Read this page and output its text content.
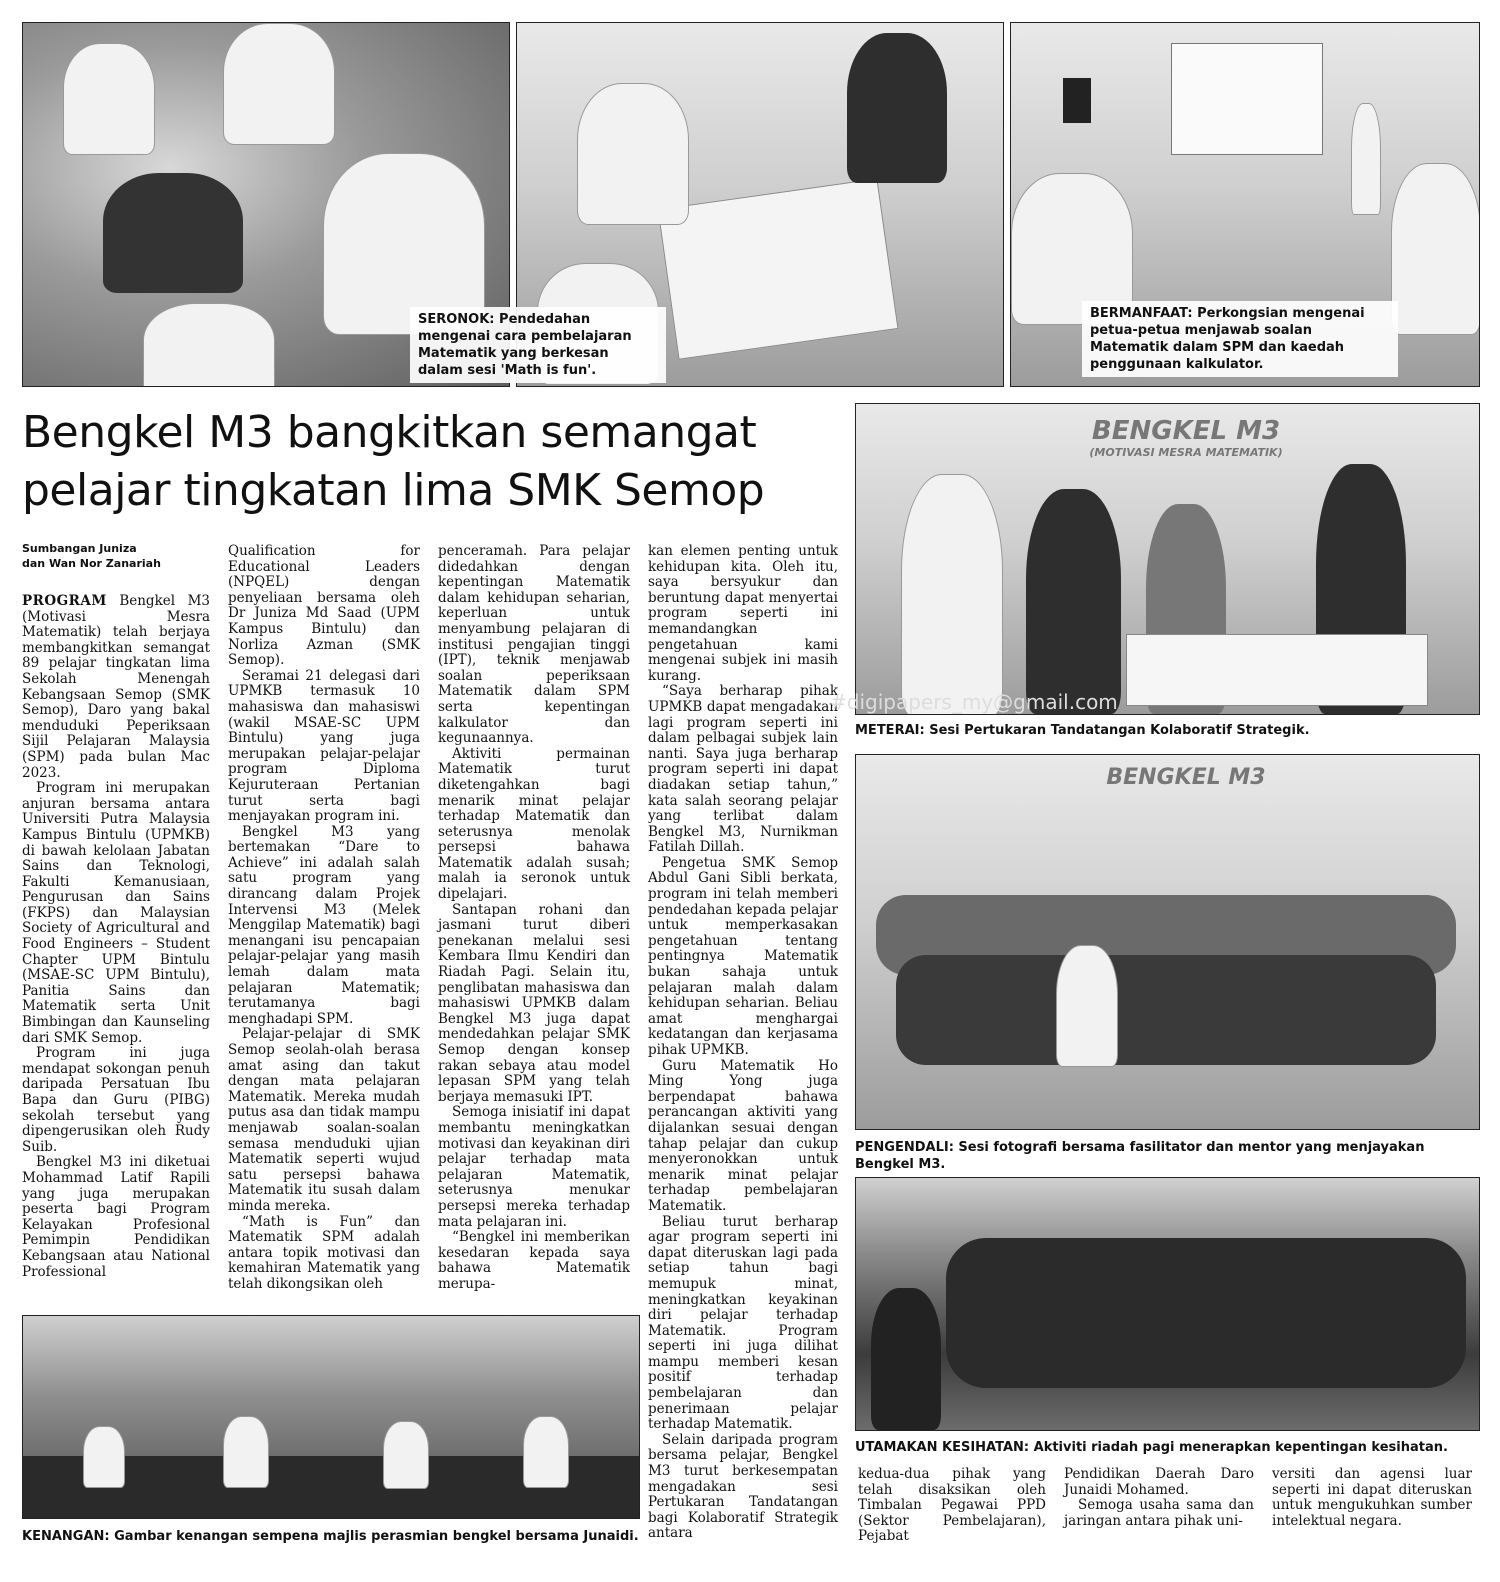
SERONOK: Pendedahan mengenai cara pembelajaran Matematik yang berkesan dalam sesi 'Math is fun'.
BERMANFAAT: Perkongsian mengenai petua-petua menjawab soalan Matematik dalam SPM dan kaedah penggunaan kalkulator.
Bengkel M3 bangkitkan semangat
pelajar tingkatan lima SMK Semop
Sumbangan Juniza
dan Wan Nor Zanariah

PROGRAM Bengkel M3 (Motivasi Mesra Matematik) telah berjaya membangkitkan semangat 89 pelajar tingkatan lima Sekolah Menengah Kebangsaan Semop (SMK Semop), Daro yang bakal menduduki Peperiksaan Sijil Pelajaran Malaysia (SPM) pada bulan Mac 2023.

Program ini merupakan anjuran bersama antara Universiti Putra Malaysia Kampus Bintulu (UPMKB) di bawah kelolaan Jabatan Sains dan Teknologi, Fakulti Kemanusiaan, Pengurusan dan Sains (FKPS) dan Malaysian Society of Agricultural and Food Engineers – Student Chapter UPM Bintulu (MSAE-SC UPM Bintulu), Panitia Sains dan Matematik serta Unit Bimbingan dan Kaunseling dari SMK Semop.

Program ini juga mendapat sokongan penuh daripada Persatuan Ibu Bapa dan Guru (PIBG) sekolah tersebut yang dipengerusikan oleh Rudy Suib.

Bengkel M3 ini diketuai Mohammad Latif Rapili yang juga merupakan peserta bagi Program Kelayakan Profesional Pemimpin Pendidikan Kebangsaan atau National Professional

Qualification for Educational Leaders (NPQEL) dengan penyeliaan bersama oleh Dr Juniza Md Saad (UPM Kampus Bintulu) dan Norliza Azman (SMK Semop).

Seramai 21 delegasi dari UPMKB termasuk 10 mahasiswa dan mahasiswi (wakil MSAE-SC UPM Bintulu) yang juga merupakan pelajar-pelajar program Diploma Kejuruteraan Pertanian turut serta bagi menjayakan program ini.

Bengkel M3 yang bertemakan “Dare to Achieve” ini adalah salah satu program yang dirancang dalam Projek Intervensi M3 (Melek Menggilap Matematik) bagi menangani isu pencapaian pelajar-pelajar yang masih lemah dalam mata pelajaran Matematik; terutamanya bagi menghadapi SPM.

Pelajar-pelajar di SMK Semop seolah-olah berasa amat asing dan takut dengan mata pelajaran Matematik. Mereka mudah putus asa dan tidak mampu menjawab soalan-soalan semasa menduduki ujian Matematik seperti wujud satu persepsi bahawa Matematik itu susah dalam minda mereka.

“Math is Fun” dan Matematik SPM adalah antara topik motivasi dan kemahiran Matematik yang telah dikongsikan oleh

penceramah. Para pelajar didedahkan dengan kepentingan Matematik dalam kehidupan seharian, keperluan untuk menyambung pelajaran di institusi pengajian tinggi (IPT), teknik menjawab soalan peperiksaan Matematik dalam SPM serta kepentingan kalkulator dan kegunaannya.

Aktiviti permainan Matematik turut diketengahkan bagi menarik minat pelajar terhadap Matematik dan seterusnya menolak persepsi bahawa Matematik adalah susah; malah ia seronok untuk dipelajari.

Santapan rohani dan jasmani turut diberi penekanan melalui sesi Kembara Ilmu Kendiri dan Riadah Pagi. Selain itu, penglibatan mahasiswa dan mahasiswi UPMKB dalam Bengkel M3 juga dapat mendedahkan pelajar SMK Semop dengan konsep rakan sebaya atau model lepasan SPM yang telah berjaya memasuki IPT.

Semoga inisiatif ini dapat membantu meningkatkan motivasi dan keyakinan diri pelajar terhadap mata pelajaran Matematik, seterusnya menukar persepsi mereka terhadap mata pelajaran ini.

“Bengkel ini memberikan kesedaran kepada saya bahawa Matematik merupa-

kan elemen penting untuk kehidupan kita. Oleh itu, saya bersyukur dan beruntung dapat menyertai program seperti ini memandangkan pengetahuan kami mengenai subjek ini masih kurang.

“Saya berharap pihak UPMKB dapat mengadakan lagi program seperti ini dalam pelbagai subjek lain nanti. Saya juga berharap program seperti ini dapat diadakan setiap tahun,” kata salah seorang pelajar yang terlibat dalam Bengkel M3, Nurnikman Fatilah Dillah.

Pengetua SMK Semop Abdul Gani Sibli berkata, program ini telah memberi pendedahan kepada pelajar untuk memperkasakan pengetahuan tentang pentingnya Matematik bukan sahaja untuk pelajaran malah dalam kehidupan seharian. Beliau amat menghargai kedatangan dan kerjasama pihak UPMKB.

Guru Matematik Ho Ming Yong juga berpendapat bahawa perancangan aktiviti yang dijalankan sesuai dengan tahap pelajar dan cukup menyeronokkan untuk menarik minat pelajar terhadap pembelajaran Matematik.

Beliau turut berharap agar program seperti ini dapat diteruskan lagi pada setiap tahun bagi memupuk minat, meningkatkan keyakinan diri pelajar terhadap Matematik. Program seperti ini juga dilihat mampu memberi kesan positif terhadap pembelajaran dan penerimaan pelajar terhadap Matematik.

Selain daripada program bersama pelajar, Bengkel M3 turut berkesempatan mengadakan sesi Pertukaran Tandatangan bagi Kolaboratif Strategik antara

KENANGAN: Gambar kenangan sempena majlis perasmian bengkel bersama Junaidi.
BENGKEL M3
(MOTIVASI MESRA MATEMATIK)
#digipapers_my@gmail.com
METERAI: Sesi Pertukaran Tandatangan Kolaboratif Strategik.
BENGKEL M3
PENGENDALI: Sesi fotografi bersama fasilitator dan mentor yang menjayakan Bengkel M3.
UTAMAKAN KESIHATAN: Aktiviti riadah pagi menerapkan kepentingan kesihatan.

kedua-dua pihak yang telah disaksikan oleh Timbalan Pegawai PPD (Sektor Pembelajaran), Pejabat

Pendidikan Daerah Daro Junaidi Mohamed.

Semoga usaha sama dan jaringan antara pihak uni-

versiti dan agensi luar seperti ini dapat diteruskan untuk mengukuhkan sumber intelektual negara.
